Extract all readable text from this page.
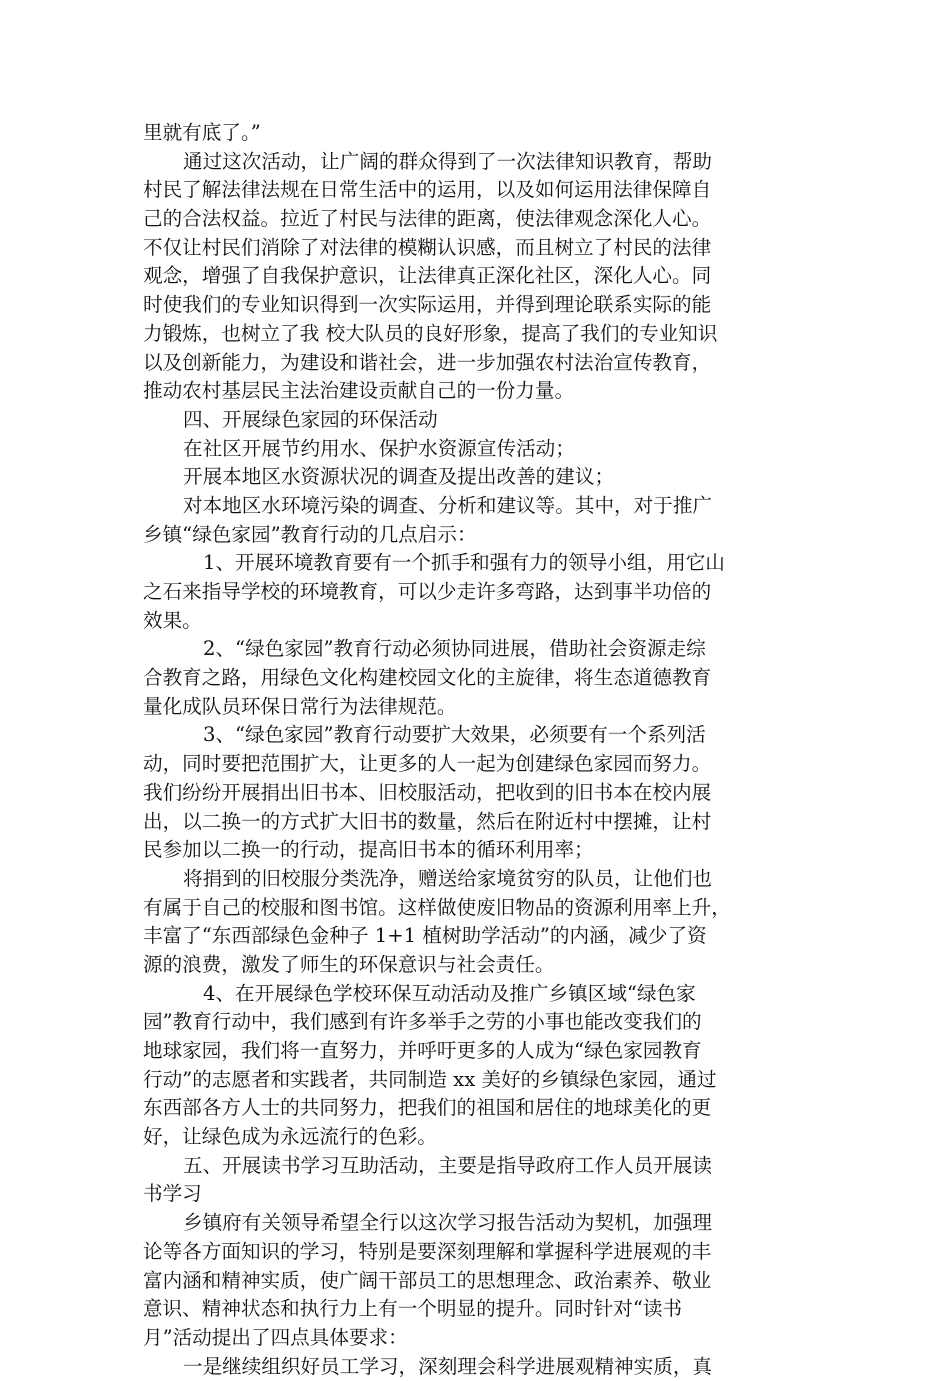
里就有底了。”
通过这次活动，让广阔的群众得到了一次法律知识教育，帮助
村民了解法律法规在日常生活中的运用，以及如何运用法律保障自
己的合法权益。拉近了村民与法律的距离，使法律观念深化人心。
不仅让村民们消除了对法律的模糊认识感，而且树立了村民的法律
观念，增强了自我保护意识，让法律真正深化社区，深化人心。同
时使我们的专业知识得到一次实际运用，并得到理论联系实际的能
力锻炼，也树立了我 校大队员的良好形象，提高了我们的专业知识
以及创新能力，为建设和谐社会，进一步加强农村法治宣传教育，
推动农村基层民主法治建设贡献自己的一份力量。
四、开展绿色家园的环保活动
在社区开展节约用水、保护水资源宣传活动；
开展本地区水资源状况的调查及提出改善的建议；
对本地区水环境污染的调查、分析和建议等。其中，对于推广
乡镇“绿色家园”教育行动的几点启示：
1、开展环境教育要有一个抓手和强有力的领导小组，用它山
之石来指导学校的环境教育，可以少走许多弯路，达到事半功倍的
效果。
2、“绿色家园”教育行动必须协同进展，借助社会资源走综
合教育之路，用绿色文化构建校园文化的主旋律，将生态道德教育
量化成队员环保日常行为法律规范。
3、“绿色家园”教育行动要扩大效果，必须要有一个系列活
动，同时要把范围扩大，让更多的人一起为创建绿色家园而努力。
我们纷纷开展捐出旧书本、旧校服活动，把收到的旧书本在校内展
出，以二换一的方式扩大旧书的数量，然后在附近村中摆摊，让村
民参加以二换一的行动，提高旧书本的循环利用率；
将捐到的旧校服分类洗净，赠送给家境贫穷的队员，让他们也
有属于自己的校服和图书馆。这样做使废旧物品的资源利用率上升，
丰富了“东西部绿色金种子 1+1 植树助学活动”的内涵，减少了资
源的浪费，激发了师生的环保意识与社会责任。
4、在开展绿色学校环保互动活动及推广乡镇区域“绿色家
园”教育行动中，我们感到有许多举手之劳的小事也能改变我们的
地球家园，我们将一直努力，并呼吁更多的人成为“绿色家园教育
行动”的志愿者和实践者，共同制造 xx 美好的乡镇绿色家园，通过
东西部各方人士的共同努力，把我们的祖国和居住的地球美化的更
好，让绿色成为永远流行的色彩。
五、开展读书学习互助活动，主要是指导政府工作人员开展读
书学习
乡镇府有关领导希望全行以这次学习报告活动为契机，加强理
论等各方面知识的学习，特别是要深刻理解和掌握科学进展观的丰
富内涵和精神实质，使广阔干部员工的思想理念、政治素养、敬业
意识、精神状态和执行力上有一个明显的提升。同时针对“读书
月”活动提出了四点具体要求：
一是继续组织好员工学习，深刻理会科学进展观精神实质，真
